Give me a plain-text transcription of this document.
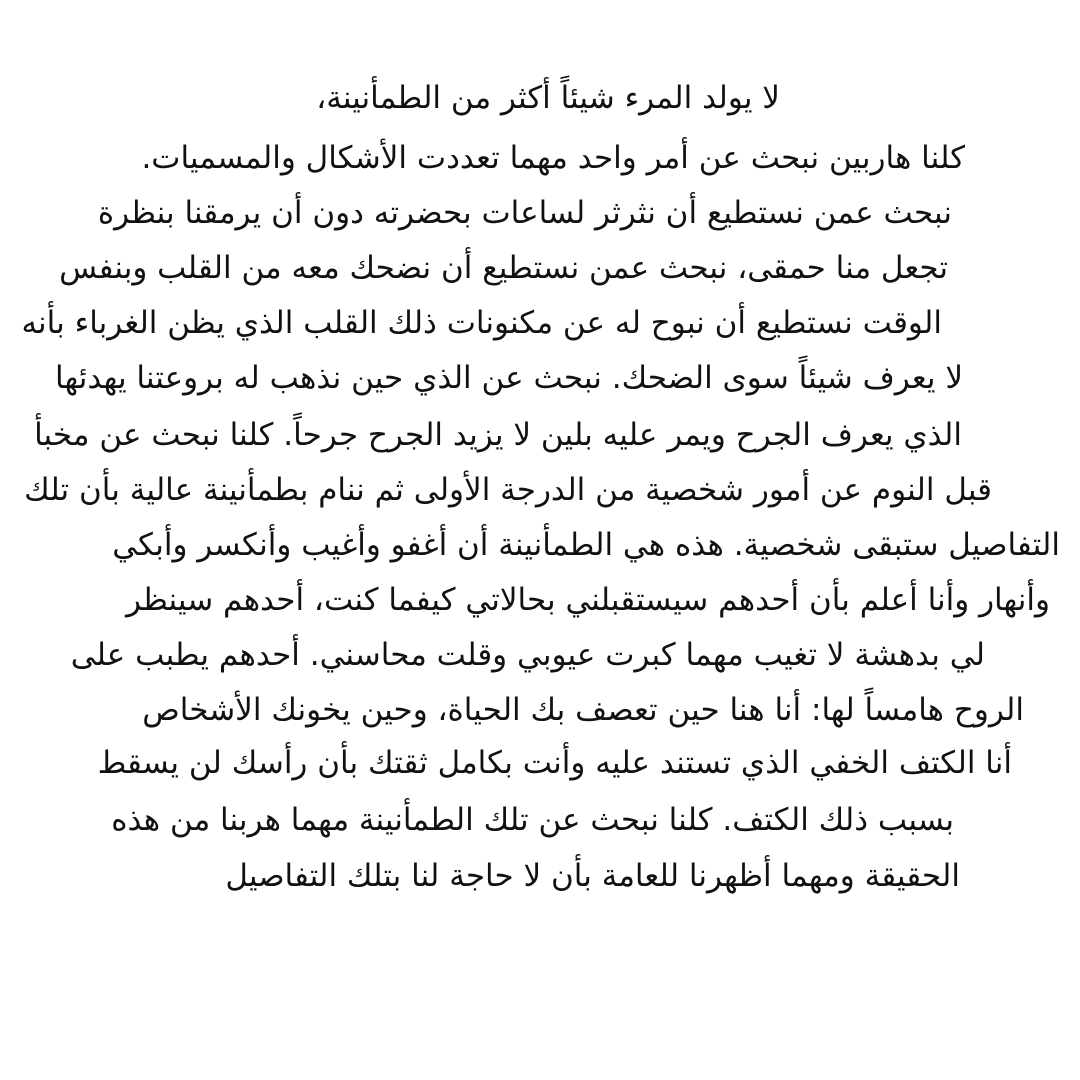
لا يولد المرء شيئاً أكثر من الطمأنينة،
كلنا هاربين نبحث عن أمر واحد مهما تعددت الأشكال والمسميات.
نبحث عمن نستطيع أن نثرثر لساعات بحضرته دون أن يرمقنا بنظرة
تجعل منا حمقى، نبحث عمن نستطيع أن نضحك معه من القلب وبنفس
الوقت نستطيع أن نبوح له عن مكنونات ذلك القلب الذي يظن الغرباء بأنه
لا يعرف شيئاً سوى الضحك. نبحث عن الذي حين نذهب له بروعتنا يهدئها
الذي يعرف الجرح ويمر عليه بلين لا يزيد الجرح جرحاً. كلنا نبحث عن مخبأ
قبل النوم عن أمور شخصية من الدرجة الأولى ثم ننام بطمأنينة عالية بأن تلك
التفاصيل ستبقى شخصية. هذه هي الطمأنينة أن أغفو وأغيب وأنكسر وأبكي
وأنهار وأنا أعلم بأن أحدهم سيستقبلني بحالاتي كيفما كنت، أحدهم سينظر
لي بدهشة لا تغيب مهما كبرت عيوبي وقلت محاسني. أحدهم يطبب على
الروح هامساً لها: أنا هنا حين تعصف بك الحياة، وحين يخونك الأشخاص
أنا الكتف الخفي الذي تستند عليه وأنت بكامل ثقتك بأن رأسك لن يسقط
بسبب ذلك الكتف. كلنا نبحث عن تلك الطمأنينة مهما هربنا من هذه
الحقيقة ومهما أظهرنا للعامة بأن لا حاجة لنا بتلك التفاصيل
